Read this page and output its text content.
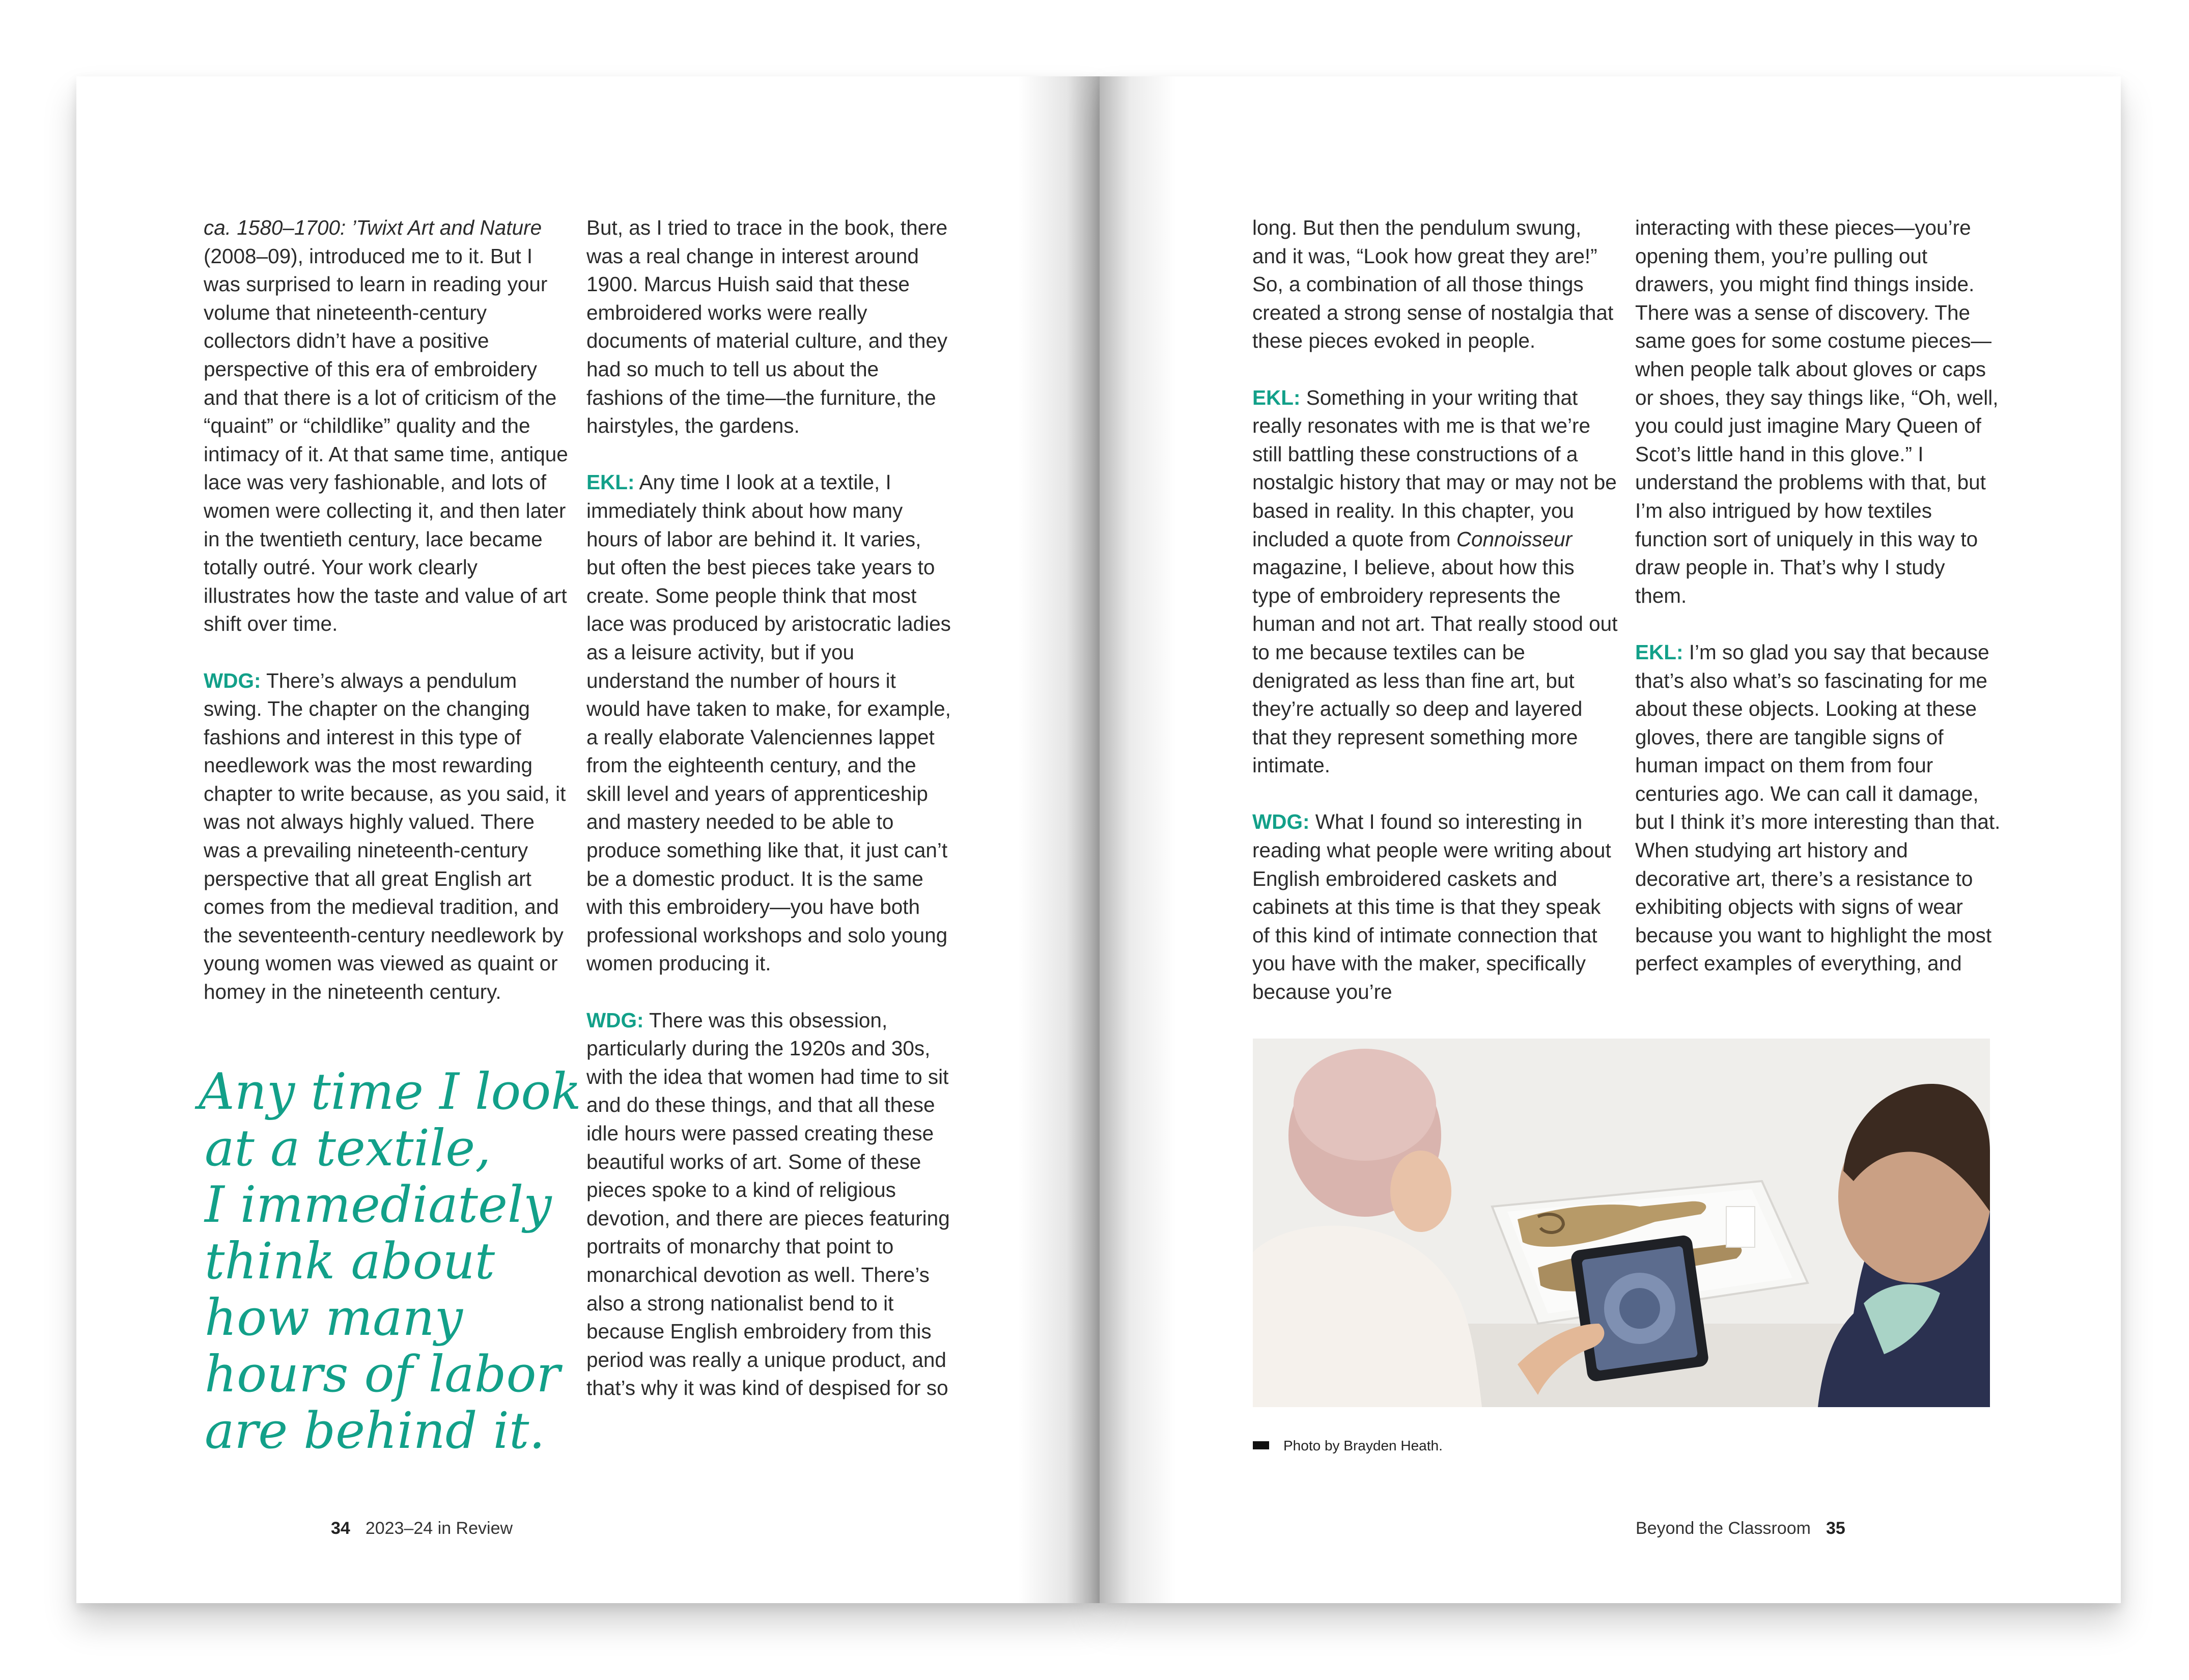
ca. 1580–1700: ’Twixt Art and Nature (2008–09), introduced me to it. But I was surprised to learn in reading your volume that nineteenth-century collectors didn’t have a positive perspective of this era of embroidery and that there is a lot of criticism of the “quaint” or “childlike” quality and the intimacy of it. At that same time, antique lace was very fashionable, and lots of women were collecting it, and then later in the twentieth century, lace became totally outré. Your work clearly illustrates how the taste and value of art shift over time.

WDG: There’s always a pendulum swing. The chapter on the changing fashions and interest in this type of needlework was the most rewarding chapter to write because, as you said, it was not always highly valued. There was a prevailing nineteenth-century perspective that all great English art comes from the medieval tradition, and the seventeenth-century needlework by young women was viewed as quaint or homey in the nineteenth century.

Any time I look
at a textile,
I immediately
think about
how many
hours of labor
are behind it.

But, as I tried to trace in the book, there was a real change in interest around 1900. Marcus Huish said that these embroidered works were really documents of material culture, and they had so much to tell us about the fashions of the time—the furniture, the hairstyles, the gardens.

EKL: Any time I look at a textile, I immediately think about how many hours of labor are behind it. It varies, but often the best pieces take years to create. Some people think that most lace was produced by aristocratic ladies as a leisure activity, but if you understand the number of hours it would have taken to make, for example, a really elaborate Valenciennes lappet from the eighteenth century, and the skill level and years of apprenticeship and mastery needed to be able to produce something like that, it just can’t be a domestic product. It is the same with this embroidery—you have both professional workshops and solo young women producing it.

WDG: There was this obsession, particularly during the 1920s and 30s, with the idea that women had time to sit and do these things, and that all these idle hours were passed creating these beautiful works of art. Some of these pieces spoke to a kind of religious devotion, and there are pieces featuring portraits of monarchy that point to monarchical devotion as well. There’s also a strong nationalist bend to it because English embroidery from this period was really a unique product, and that’s why it was kind of despised for so

long. But then the pendulum swung, and it was, “Look how great they are!” So, a combination of all those things created a strong sense of nostalgia that these pieces evoked in people.

EKL: Something in your writing that really resonates with me is that we’re still battling these constructions of a nostalgic history that may or may not be based in reality. In this chapter, you included a quote from Connoisseur magazine, I believe, about how this type of embroidery represents the human and not art. That really stood out to me because textiles can be denigrated as less than fine art, but they’re actually so deep and layered that they represent something more intimate.

WDG: What I found so interesting in reading what people were writing about English embroidered caskets and cabinets at this time is that they speak of this kind of intimate connection that you have with the maker, specifically because you’re

interacting with these pieces—you’re opening them, you’re pulling out drawers, you might find things inside. There was a sense of discovery. The same goes for some costume pieces—when people talk about gloves or caps or shoes, they say things like, “Oh, well, you could just imagine Mary Queen of Scot’s little hand in this glove.” I understand the problems with that, but I’m also intrigued by how textiles function sort of uniquely in this way to draw people in. That’s why I study them.

EKL: I’m so glad you say that because that’s also what’s so fascinating for me about these objects. Looking at these gloves, there are tangible signs of human impact on them from four centuries ago. We can call it damage, but I think it’s more interesting than that. When studying art history and decorative art, there’s a resistance to exhibiting objects with signs of wear because you want to highlight the most perfect examples of everything, and

Photo by Brayden Heath.
34 2023–24 in Review	Beyond the Classroom 35
